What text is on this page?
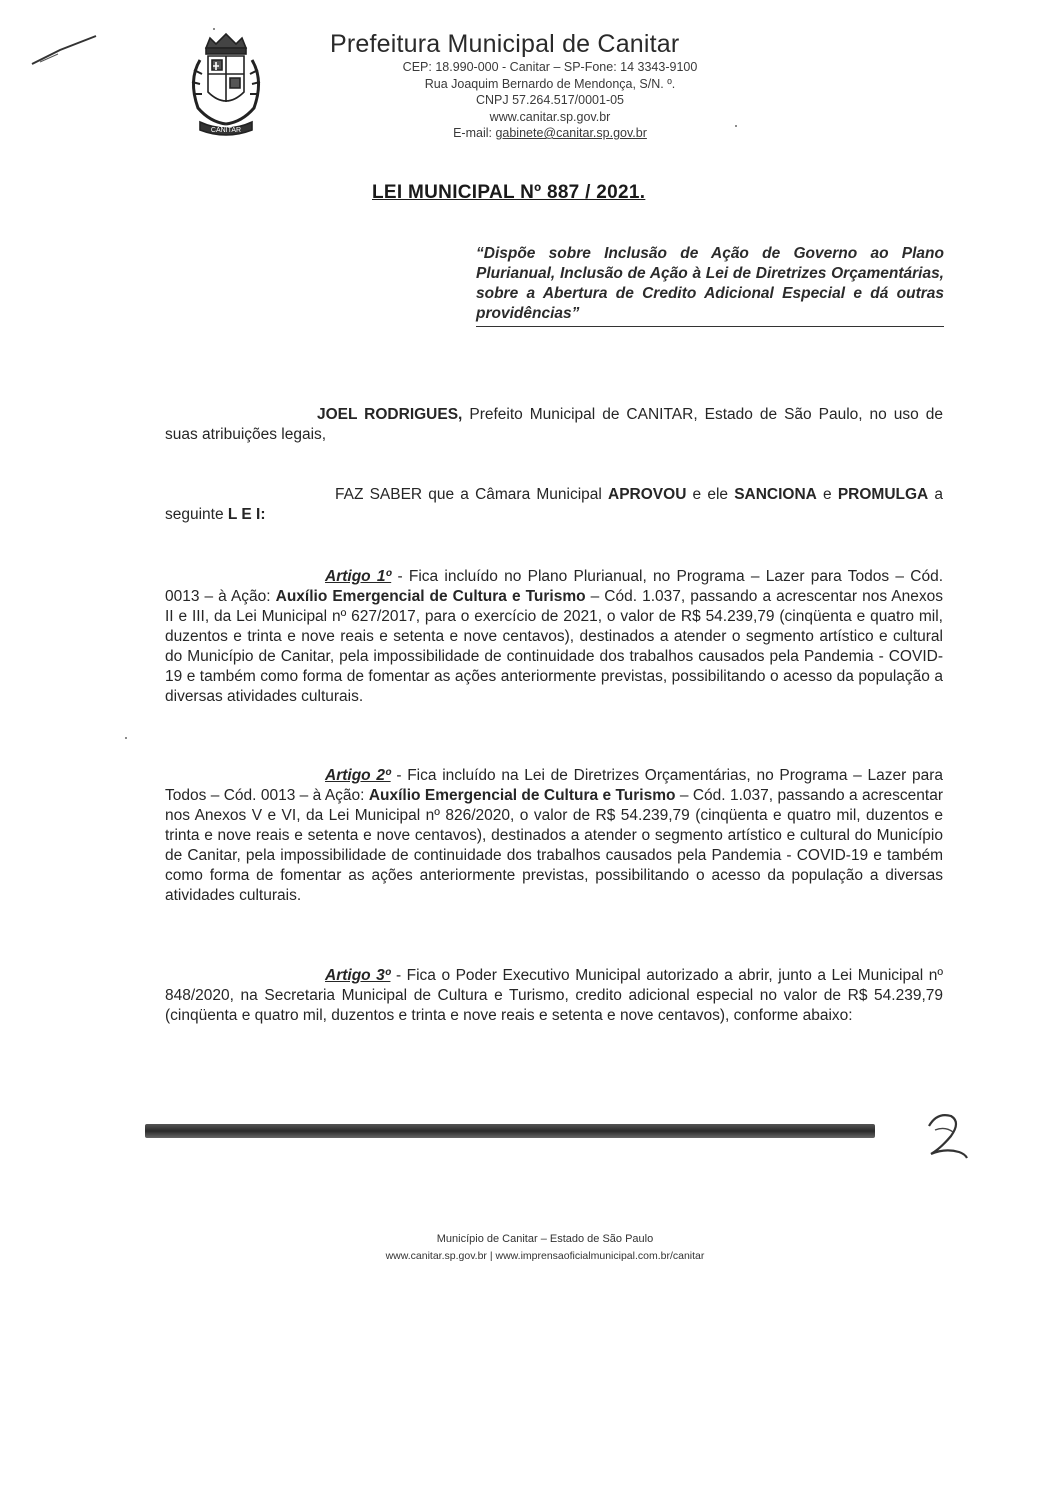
CANITAR
Prefeitura Municipal de Canitar
CEP: 18.990-000 - Canitar – SP-Fone: 14 3343-9100
Rua Joaquim Bernardo de Mendonça, S/N. º.
CNPJ 57.264.517/0001-05
www.canitar.sp.gov.br
E-mail: gabinete@canitar.sp.gov.br
LEI MUNICIPAL Nº 887 / 2021.
“Dispõe sobre Inclusão de Ação de Governo ao Plano Plurianual, Inclusão de Ação à Lei de Diretrizes Orçamentárias, sobre a Abertura de Credito Adicional Especial e dá outras providências”
JOEL RODRIGUES, Prefeito Municipal de CANITAR, Estado de São Paulo, no uso de suas atribuições legais,
FAZ SABER que a Câmara Municipal APROVOU e ele SANCIONA e PROMULGA a seguinte L E I:
Artigo 1º - Fica incluído no Plano Plurianual, no Programa – Lazer para Todos – Cód. 0013 – à Ação: Auxílio Emergencial de Cultura e Turismo – Cód. 1.037, passando a acrescentar nos Anexos II e III, da Lei Municipal nº 627/2017, para o exercício de 2021, o valor de R$ 54.239,79 (cinqüenta e quatro mil, duzentos e trinta e nove reais e setenta e nove centavos), destinados a atender o segmento artístico e cultural do Município de Canitar, pela impossibilidade de continuidade dos trabalhos causados pela Pandemia - COVID-19 e também como forma de fomentar as ações anteriormente previstas, possibilitando o acesso da população a diversas atividades culturais.
Artigo 2º - Fica incluído na Lei de Diretrizes Orçamentárias, no Programa – Lazer para Todos – Cód. 0013 – à Ação: Auxílio Emergencial de Cultura e Turismo – Cód. 1.037, passando a acrescentar nos Anexos V e VI, da Lei Municipal nº 826/2020, o valor de R$ 54.239,79 (cinqüenta e quatro mil, duzentos e trinta e nove reais e setenta e nove centavos), destinados a atender o segmento artístico e cultural do Município de Canitar, pela impossibilidade de continuidade dos trabalhos causados pela Pandemia - COVID-19 e também como forma de fomentar as ações anteriormente previstas, possibilitando o acesso da população a diversas atividades culturais.
Artigo 3º - Fica o Poder Executivo Municipal autorizado a abrir, junto a Lei Municipal nº 848/2020, na Secretaria Municipal de Cultura e Turismo, credito adicional especial no valor de R$ 54.239,79 (cinqüenta e quatro mil, duzentos e trinta e nove reais e setenta e nove centavos), conforme abaixo:
Município de Canitar – Estado de São Paulo
www.canitar.sp.gov.br | www.imprensaoficialmunicipal.com.br/canitar
